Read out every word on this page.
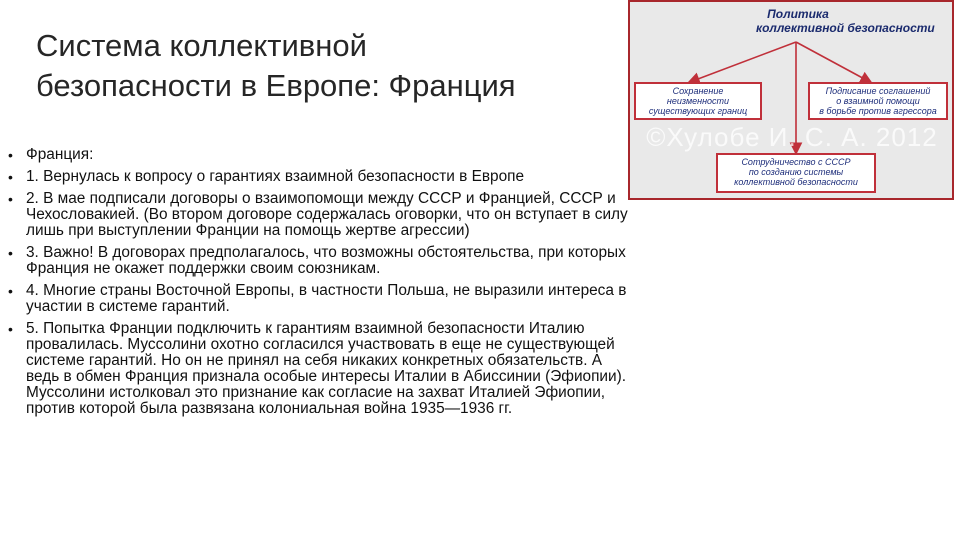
Система коллективной
безопасности в Европе: Франция
• Франция:
• 1. Вернулась к вопросу о гарантиях взаимной безопасности в Европе
• 2. В мае подписали договоры о взаимопомощи между СССР и Францией, СССР и Чехословакией. (Во втором договоре содержалась оговорки, что он вступает в силу лишь при выступлении Франции на помощь жертве агрессии)
• 3. Важно! В договорах предполагалось, что возможны обстоятельства, при которых Франция не окажет поддержки своим союзникам.
• 4. Многие страны Восточной Европы, в частности Польша, не выразили интереса в участии в системе гарантий.
• 5. Попытка Франции подключить к гарантиям взаимной безопасности Италию провалилась. Муссолини охотно согласился участвовать в еще не существующей системе гарантий. Но он не принял на себя никаких конкретных обязательств. А ведь в обмен Франция признала особые интересы Италии в Абиссинии (Эфиопии). Муссолини истолковал это признание как согласие на захват Италией Эфиопии, против которой была развязана колониальная война 1935—1936 гг.
©Хулобе И. С. А. 2012
Политика
коллективной безопасности
Сохранение
неизменности
существующих границ
Подписание соглашений
о взаимной помощи
в борьбе против агрессора
Сотрудничество с СССР
по созданию системы
коллективной безопасности
